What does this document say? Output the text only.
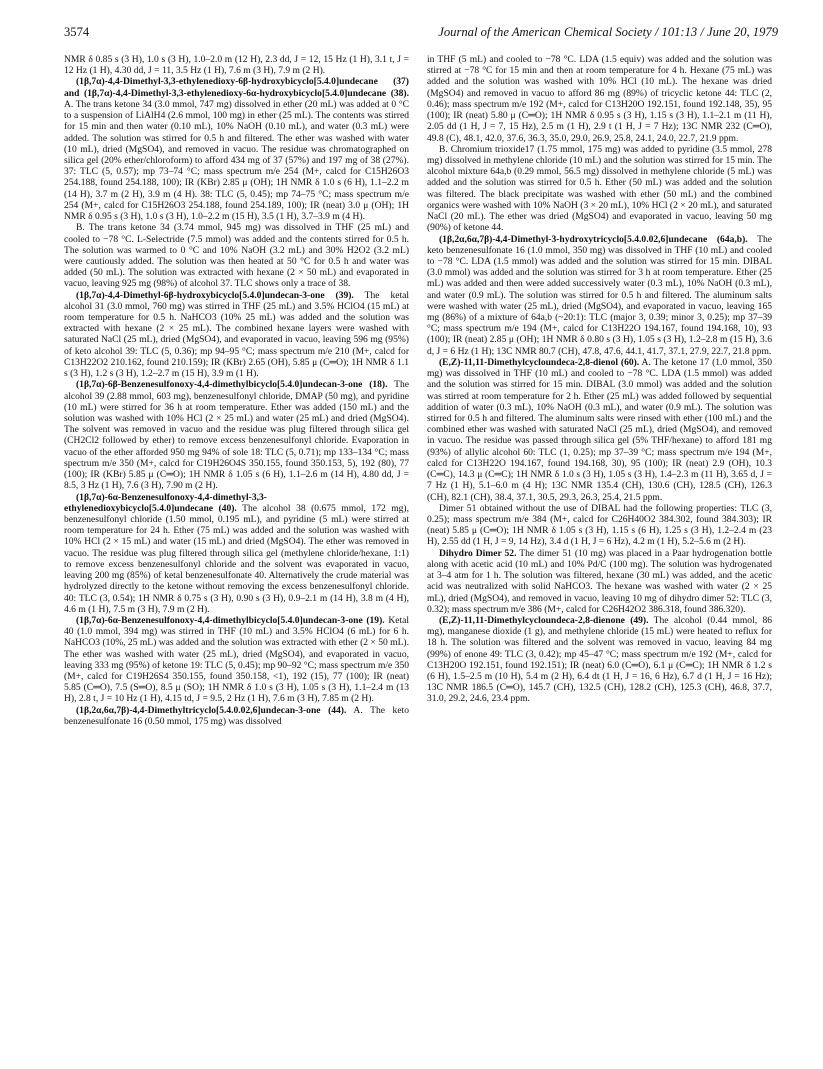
3574	Journal of the American Chemical Society / 101:13 / June 20, 1979

NMR δ 0.85 s (3 H), 1.0 s (3 H), 1.0–2.0 m (12 H), 2.3 dd, J = 12, 15 Hz (1 H), 3.1 t, J = 12 Hz (1 H), 4.30 dd, J = 11, 3.5 Hz (1 H), 7.6 m (3 H), 7.9 m (2 H).

(1β,7α)-4,4-Dimethyl-3,3-ethylenedioxy-6β-hydroxybicyclo[5.4.0]undecane (37) and (1β,7α)-4,4-Dimethyl-3,3-ethylenedioxy-6α-hydroxybicyclo[5.4.0]undecane (38). A. The trans ketone 34 (3.0 mmol, 747 mg) dissolved in ether (20 mL) was added at 0 °C to a suspension of LiAlH4 (2.6 mmol, 100 mg) in ether (25 mL). The contents was stirred for 15 min and then water (0.10 mL), 10% NaOH (0.10 mL), and water (0.3 mL) were added. The solution was stirred for 0.5 h and filtered. The ether was washed with water (10 mL), dried (MgSO4), and removed in vacuo. The residue was chromatographed on silica gel (20% ether/chloroform) to afford 434 mg of 37 (57%) and 197 mg of 38 (27%). 37: TLC (5, 0.57); mp 73–74 °C; mass spectrum m/e 254 (M+, calcd for C15H26O3 254.188, found 254.188, 100); IR (KBr) 2.85 μ (OH); 1H NMR δ 1.0 s (6 H), 1.1–2.2 m (14 H), 3.7 m (2 H), 3.9 m (4 H). 38: TLC (5, 0.45); mp 74–75 °C; mass spectrum m/e 254 (M+, calcd for C15H26O3 254.188, found 254.189, 100); IR (neat) 3.0 μ (OH); 1H NMR δ 0.95 s (3 H), 1.0 s (3 H), 1.0–2.2 m (15 H), 3.5 (1 H), 3.7–3.9 m (4 H).

B. The trans ketone 34 (3.74 mmol, 945 mg) was dissolved in THF (25 mL) and cooled to −78 °C. L-Selectride (7.5 mmol) was added and the contents stirred for 0.5 h. The solution was warmed to 0 °C and 10% NaOH (3.2 mL) and 30% H2O2 (3.2 mL) were cautiously added. The solution was then heated at 50 °C for 0.5 h and water was added (50 mL). The solution was extracted with hexane (2 × 50 mL) and evaporated in vacuo, leaving 925 mg (98%) of alcohol 37. TLC shows only a trace of 38.

(1β,7α)-4,4-Dimethyl-6β-hydroxybicyclo[5.4.0]undecan-3-one (39). The ketal alcohol 31 (3.0 mmol, 760 mg) was stirred in THF (25 mL) and 3.5% HClO4 (15 mL) at room temperature for 0.5 h. NaHCO3 (10% 25 mL) was added and the solution was extracted with hexane (2 × 25 mL). The combined hexane layers were washed with saturated NaCl (25 mL), dried (MgSO4), and evaporated in vacuo, leaving 596 mg (95%) of keto alcohol 39: TLC (5, 0.36); mp 94–95 °C; mass spectrum m/e 210 (M+, calcd for C13H22O2 210.162, found 210.159); IR (KBr) 2.65 (OH), 5.85 μ (C═O); 1H NMR δ 1.1 s (3 H), 1.2 s (3 H), 1.2–2.7 m (15 H), 3.9 m (1 H).

(1β,7α)-6β-Benzenesulfonoxy-4,4-dimethylbicyclo[5.4.0]undecan-3-one (18). The alcohol 39 (2.88 mmol, 603 mg), benzenesulfonyl chloride, DMAP (50 mg), and pyridine (10 mL) were stirred for 36 h at room temperature. Ether was added (150 mL) and the solution was washed with 10% HCl (2 × 25 mL) and water (25 mL) and dried (MgSO4). The solvent was removed in vacuo and the residue was plug filtered through silica gel (CH2Cl2 followed by ether) to remove excess benzenesulfonyl chloride. Evaporation in vacuo of the ether afforded 950 mg 94% of sole 18: TLC (5, 0.71); mp 133–134 °C; mass spectrum m/e 350 (M+, calcd for C19H26O4S 350.155, found 350.153, 5), 192 (80), 77 (100); IR (KBr) 5.85 μ (C═O); 1H NMR δ 1.05 s (6 H), 1.1–2.6 m (14 H), 4.80 dd, J = 8.5, 3 Hz (1 H), 7.6 (3 H), 7.90 m (2 H).

(1β,7α)-6α-Benzenesulfonoxy-4,4-dimethyl-3,3-ethylenedioxybicyclo[5.4.0]undecane (40). The alcohol 38 (0.675 mmol, 172 mg), benzenesulfonyl chloride (1.50 mmol, 0.195 mL), and pyridine (5 mL) were stirred at room temperature for 24 h. Ether (75 mL) was added and the solution was washed with 10% HCl (2 × 15 mL) and water (15 mL) and dried (MgSO4). The ether was removed in vacuo. The residue was plug filtered through silica gel (methylene chloride/hexane, 1:1) to remove excess benzenesulfonyl chloride and the solvent was evaporated in vacuo, leaving 200 mg (85%) of ketal benzenesulfonate 40. Alternatively the crude material was hydrolyzed directly to the ketone without removing the excess benzenesulfonyl chloride. 40: TLC (3, 0.54); 1H NMR δ 0.75 s (3 H), 0.90 s (3 H), 0.9–2.1 m (14 H), 3.8 m (4 H), 4.6 m (1 H), 7.5 m (3 H), 7.9 m (2 H).

(1β,7α)-6α-Benzenesulfonoxy-4,4-dimethylbicyclo[5.4.0]undecan-3-one (19). Ketal 40 (1.0 mmol, 394 mg) was stirred in THF (10 mL) and 3.5% HClO4 (6 mL) for 6 h. NaHCO3 (10%, 25 mL) was added and the solution was extracted with ether (2 × 50 mL). The ether was washed with water (25 mL), dried (MgSO4), and evaporated in vacuo, leaving 333 mg (95%) of ketone 19: TLC (5, 0.45); mp 90–92 °C; mass spectrum m/e 350 (M+, calcd for C19H26S4 350.155, found 350.158, <1), 192 (15), 77 (100); IR (neat) 5.85 (C═O), 7.5 (S═O), 8.5 μ (SO); 1H NMR δ 1.0 s (3 H), 1.05 s (3 H), 1.1–2.4 m (13 H), 2.8 t, J = 10 Hz (1 H), 4.15 td, J = 9.5, 2 Hz (1 H), 7.6 m (3 H), 7.85 m (2 H).

(1β,2α,6α,7β)-4,4-Dimethyltricyclo[5.4.0.02,6]undecan-3-one (44). A. The keto benzenesulfonate 16 (0.50 mmol, 175 mg) was dissolved

in THF (5 mL) and cooled to −78 °C. LDA (1.5 equiv) was added and the solution was stirred at −78 °C for 15 min and then at room temperature for 4 h. Hexane (75 mL) was added and the solution was washed with 10% HCl (10 mL). The hexane was dried (MgSO4) and removed in vacuo to afford 86 mg (89%) of tricyclic ketone 44: TLC (2, 0.46); mass spectrum m/e 192 (M+, calcd for C13H20O 192.151, found 192.148, 35), 95 (100); IR (neat) 5.80 μ (C═O); 1H NMR δ 0.95 s (3 H), 1.15 s (3 H), 1.1–2.1 m (11 H), 2.05 dd (1 H, J = 7, 15 Hz), 2.5 m (1 H), 2.9 t (1 H, J = 7 Hz); 13C NMR 232 (C═O), 49.8 (C), 48.1, 42.0, 37.6, 36.3, 35.0, 29.0, 26.9, 25.8, 24.1, 24.0, 22.7, 21.9 ppm.

B. Chromium trioxide17 (1.75 mmol, 175 mg) was added to pyridine (3.5 mmol, 278 mg) dissolved in methylene chloride (10 mL) and the solution was stirred for 15 min. The alcohol mixture 64a,b (0.29 mmol, 56.5 mg) dissolved in methylene chloride (5 mL) was added and the solution was stirred for 0.5 h. Ether (50 mL) was added and the solution was filtered. The black precipitate was washed with ether (50 mL) and the combined organics were washed with 10% NaOH (3 × 20 mL), 10% HCl (2 × 20 mL), and saturated NaCl (20 mL). The ether was dried (MgSO4) and evaporated in vacuo, leaving 50 mg (90%) of ketone 44.

(1β,2α,6α,7β)-4,4-Dimethyl-3-hydroxytricyclo[5.4.0.02,6]undecane (64a,b). The keto benzenesulfonate 16 (1.0 mmol, 350 mg) was dissolved in THF (10 mL) and cooled to −78 °C. LDA (1.5 mmol) was added and the solution was stirred for 15 min. DIBAL (3.0 mmol) was added and the solution was stirred for 3 h at room temperature. Ether (25 mL) was added and then were added successively water (0.3 mL), 10% NaOH (0.3 mL), and water (0.9 mL). The solution was stirred for 0.5 h and filtered. The aluminum salts were washed with water (25 mL), dried (MgSO4), and evaporated in vacuo, leaving 165 mg (86%) of a mixture of 64a,b (~20:1): TLC (major 3, 0.39; minor 3, 0.25); mp 37–39 °C; mass spectrum m/e 194 (M+, calcd for C13H22O 194.167, found 194.168, 10), 93 (100); IR (neat) 2.85 μ (OH); 1H NMR δ 0.80 s (3 H), 1.05 s (3 H), 1.2–2.8 m (15 H), 3.6 d, J = 6 Hz (1 H); 13C NMR 80.7 (CH), 47.8, 47.6, 44.1, 41.7, 37.1, 27.9, 22.7, 21.8 ppm.

(E,Z)-11,11-Dimethylcycloundeca-2,8-dienol (60). A. The ketone 17 (1.0 mmol, 350 mg) was dissolved in THF (10 mL) and cooled to −78 °C. LDA (1.5 mmol) was added and the solution was stirred for 15 min. DIBAL (3.0 mmol) was added and the solution was stirred at room temperature for 2 h. Ether (25 mL) was added followed by sequential addition of water (0.3 mL), 10% NaOH (0.3 mL), and water (0.9 mL). The solution was stirred for 0.5 h and filtered. The aluminum salts were rinsed with ether (100 mL) and the combined ether was washed with saturated NaCl (25 mL), dried (MgSO4), and removed in vacuo. The residue was passed through silica gel (5% THF/hexane) to afford 181 mg (93%) of allylic alcohol 60: TLC (1, 0.25); mp 37–39 °C; mass spectrum m/e 194 (M+, calcd for C13H22O 194.167, found 194.168, 30), 95 (100); IR (neat) 2.9 (OH), 10.3 (C═C), 14.3 μ (C═C); 1H NMR δ 1.0 s (3 H), 1.05 s (3 H), 1.4–2.3 m (11 H), 3.65 d, J = 7 Hz (1 H), 5.1–6.0 m (4 H); 13C NMR 135.4 (CH), 130.6 (CH), 128.5 (CH), 126.3 (CH), 82.1 (CH), 38.4, 37.1, 30.5, 29.3, 26.3, 25.4, 21.5 ppm.

Dimer 51 obtained without the use of DIBAL had the following properties: TLC (3, 0.25); mass spectrum m/e 384 (M+, calcd for C26H40O2 384.302, found 384.303); IR (neat) 5.85 μ (C═O); 1H NMR δ 1.05 s (3 H), 1.15 s (6 H), 1.25 s (3 H), 1.2–2.4 m (23 H), 2.55 dd (1 H, J = 9, 14 Hz), 3.4 d (1 H, J = 6 Hz), 4.2 m (1 H), 5.2–5.6 m (2 H).

Dihydro Dimer 52. The dimer 51 (10 mg) was placed in a Paar hydrogenation bottle along with acetic acid (10 mL) and 10% Pd/C (100 mg). The solution was hydrogenated at 3–4 atm for 1 h. The solution was filtered, hexane (30 mL) was added, and the acetic acid was neutralized with solid NaHCO3. The hexane was washed with water (2 × 25 mL), dried (MgSO4), and removed in vacuo, leaving 10 mg of dihydro dimer 52: TLC (3, 0.32); mass spectrum m/e 386 (M+, calcd for C26H42O2 386.318, found 386.320).

(E,Z)-11,11-Dimethylcycloundeca-2,8-dienone (49). The alcohol (0.44 mmol, 86 mg), manganese dioxide (1 g), and methylene chloride (15 mL) were heated to reflux for 18 h. The solution was filtered and the solvent was removed in vacuo, leaving 84 mg (99%) of enone 49: TLC (3, 0.42); mp 45–47 °C; mass spectrum m/e 192 (M+, calcd for C13H20O 192.151, found 192.151); IR (neat) 6.0 (C═O), 6.1 μ (C═C); 1H NMR δ 1.2 s (6 H), 1.5–2.5 m (10 H), 5.4 m (2 H), 6.4 dt (1 H, J = 16, 6 Hz), 6.7 d (1 H, J = 16 Hz); 13C NMR 186.5 (C═O), 145.7 (CH), 132.5 (CH), 128.2 (CH), 125.3 (CH), 46.8, 37.7, 31.0, 29.2, 24.6, 23.4 ppm.
